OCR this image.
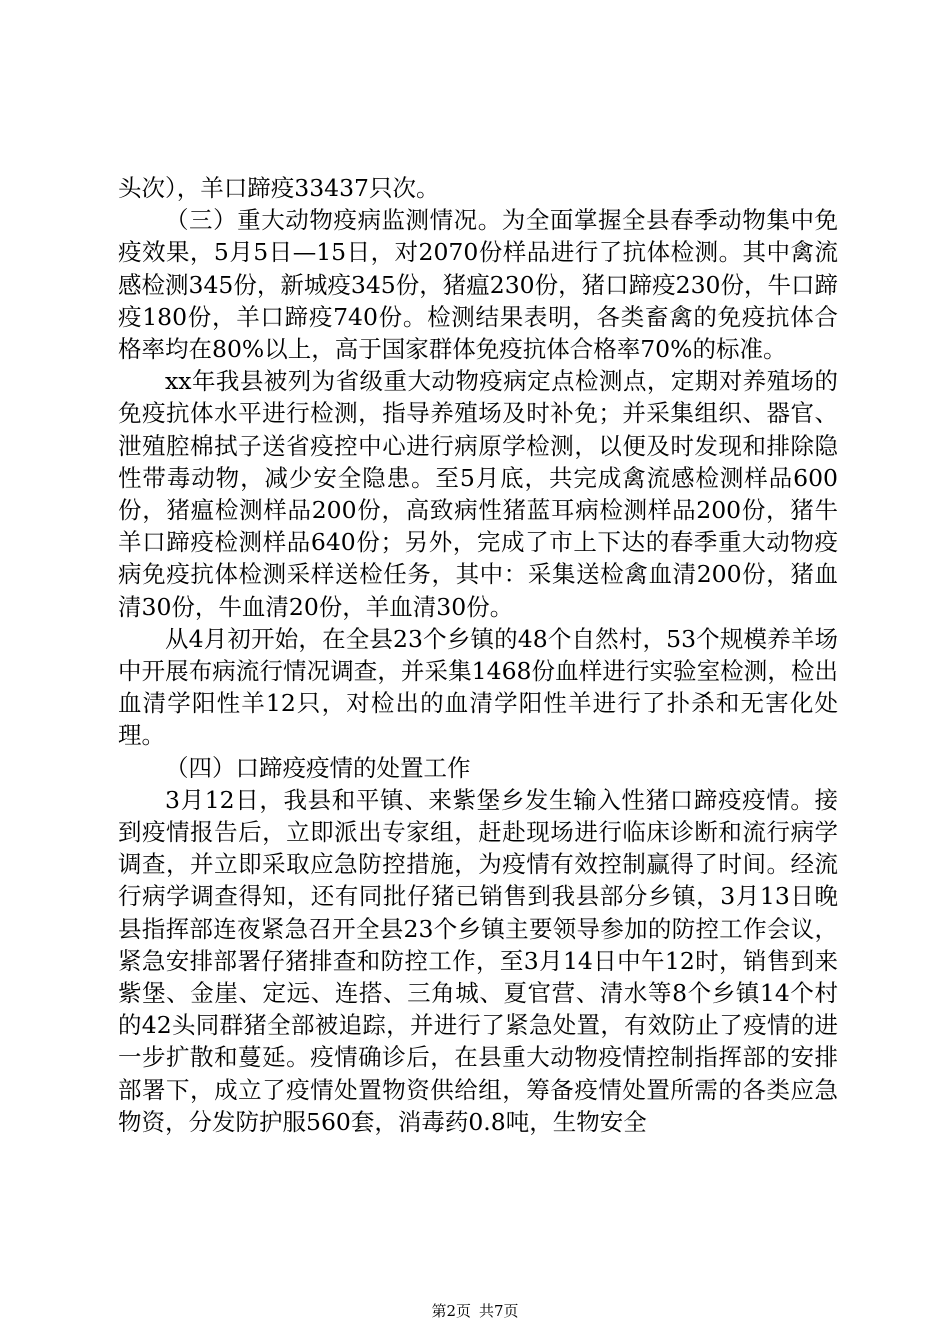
头次），羊口蹄疫33437只次。

（三）重大动物疫病监测情况。为全面掌握全县春季动物集中免疫效果，5月5日—15日，对2070份样品进行了抗体检测。其中禽流感检测345份，新城疫345份，猪瘟230份，猪口蹄疫230份，牛口蹄疫180份，羊口蹄疫740份。检测结果表明，各类畜禽的免疫抗体合格率均在80%以上，高于国家群体免疫抗体合格率70%的标准。

xx年我县被列为省级重大动物疫病定点检测点，定期对养殖场的免疫抗体水平进行检测，指导养殖场及时补免；并采集组织、器官、泄殖腔棉拭子送省疫控中心进行病原学检测，以便及时发现和排除隐性带毒动物，减少安全隐患。至5月底，共完成禽流感检测样品600份，猪瘟检测样品200份，高致病性猪蓝耳病检测样品200份，猪牛羊口蹄疫检测样品640份；另外，完成了市上下达的春季重大动物疫病免疫抗体检测采样送检任务，其中：采集送检禽血清200份，猪血清30份，牛血清20份，羊血清30份。

从4月初开始，在全县23个乡镇的48个自然村，53个规模养羊场中开展布病流行情况调查，并采集1468份血样进行实验室检测，检出血清学阳性羊12只，对检出的血清学阳性羊进行了扑杀和无害化处理。

（四）口蹄疫疫情的处置工作

3月12日，我县和平镇、来紫堡乡发生输入性猪口蹄疫疫情。接到疫情报告后，立即派出专家组，赶赴现场进行临床诊断和流行病学调查，并立即采取应急防控措施，为疫情有效控制赢得了时间。经流行病学调查得知，还有同批仔猪已销售到我县部分乡镇，3月13日晚县指挥部连夜紧急召开全县23个乡镇主要领导参加的防控工作会议，紧急安排部署仔猪排查和防控工作，至3月14日中午12时，销售到来紫堡、金崖、定远、连搭、三角城、夏官营、清水等8个乡镇14个村的42头同群猪全部被追踪，并进行了紧急处置，有效防止了疫情的进一步扩散和蔓延。疫情确诊后，在县重大动物疫情控制指挥部的安排部署下，成立了疫情处置物资供给组，筹备疫情处置所需的各类应急物资，分发防护服560套，消毒药0.8吨，生物安全

第2页 共7页
